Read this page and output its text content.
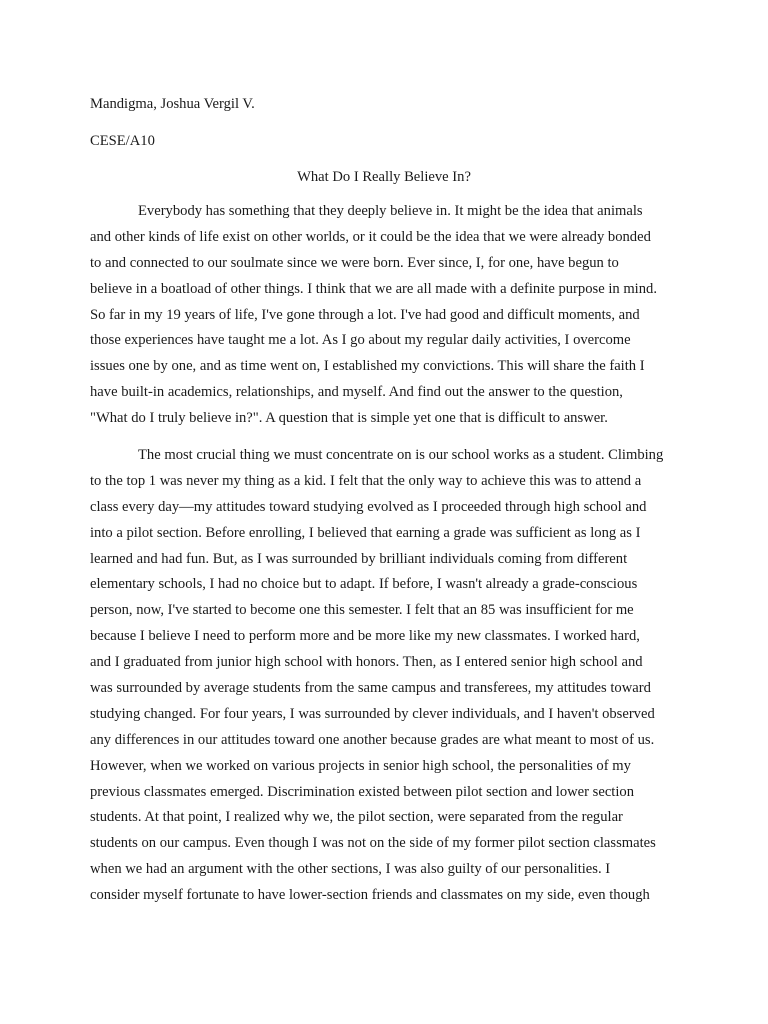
Mandigma, Joshua Vergil V.

CESE/A10

What Do I Really Believe In?

Everybody has something that they deeply believe in. It might be the idea that animals
and other kinds of life exist on other worlds, or it could be the idea that we were already bonded
to and connected to our soulmate since we were born. Ever since, I, for one, have begun to
believe in a boatload of other things. I think that we are all made with a definite purpose in mind.
So far in my 19 years of life, I've gone through a lot. I've had good and difficult moments, and
those experiences have taught me a lot. As I go about my regular daily activities, I overcome
issues one by one, and as time went on, I established my convictions. This will share the faith I
have built-in academics, relationships, and myself. And find out the answer to the question,
"What do I truly believe in?". A question that is simple yet one that is difficult to answer.

The most crucial thing we must concentrate on is our school works as a student. Climbing
to the top 1 was never my thing as a kid. I felt that the only way to achieve this was to attend a
class every day—my attitudes toward studying evolved as I proceeded through high school and
into a pilot section. Before enrolling, I believed that earning a grade was sufficient as long as I
learned and had fun. But, as I was surrounded by brilliant individuals coming from different
elementary schools, I had no choice but to adapt. If before, I wasn't already a grade-conscious
person, now, I've started to become one this semester. I felt that an 85 was insufficient for me
because I believe I need to perform more and be more like my new classmates. I worked hard,
and I graduated from junior high school with honors. Then, as I entered senior high school and
was surrounded by average students from the same campus and transferees, my attitudes toward
studying changed. For four years, I was surrounded by clever individuals, and I haven't observed
any differences in our attitudes toward one another because grades are what meant to most of us.
However, when we worked on various projects in senior high school, the personalities of my
previous classmates emerged. Discrimination existed between pilot section and lower section
students. At that point, I realized why we, the pilot section, were separated from the regular
students on our campus. Even though I was not on the side of my former pilot section classmates
when we had an argument with the other sections, I was also guilty of our personalities. I
consider myself fortunate to have lower-section friends and classmates on my side, even though
